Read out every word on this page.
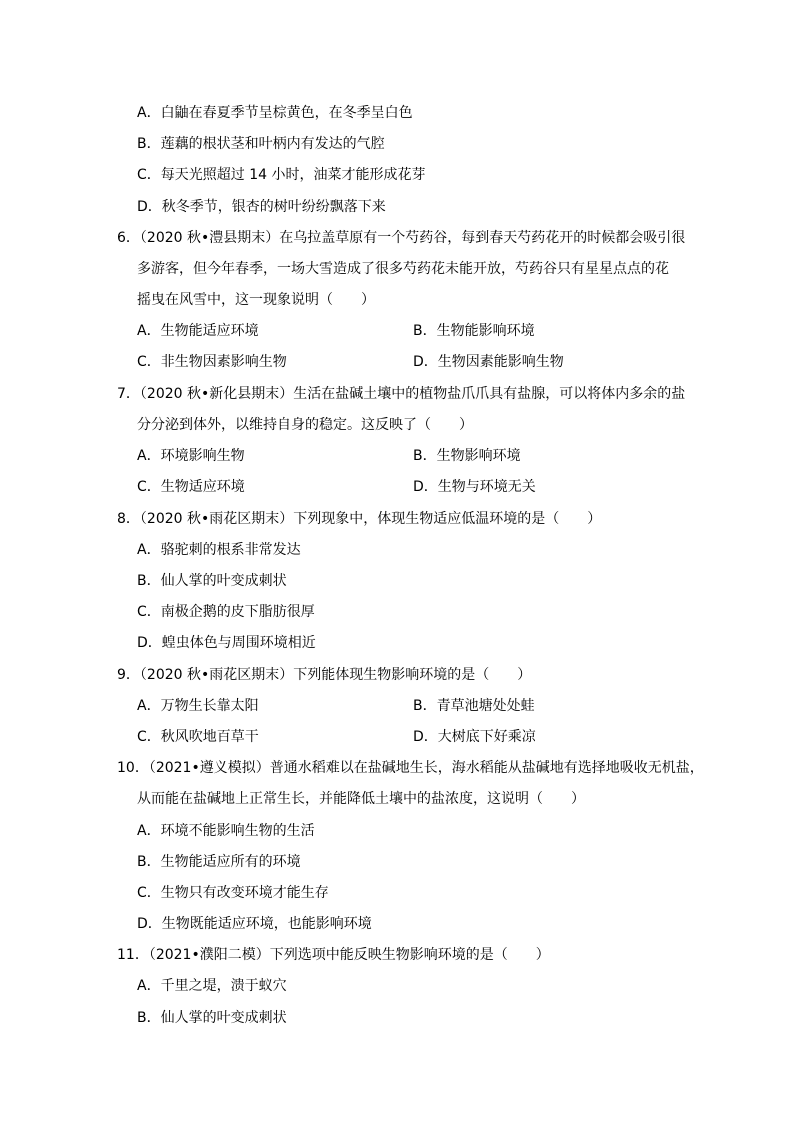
A．白鼬在春夏季节呈棕黄色，在冬季呈白色
B．莲藕的根状茎和叶柄内有发达的气腔
C．每天光照超过 14 小时，油菜才能形成花芽
D．秋冬季节，银杏的树叶纷纷飘落下来
6．（2020 秋•澧县期末）在乌拉盖草原有一个芍药谷，每到春天芍药花开的时候都会吸引很
多游客，但今年春季，一场大雪造成了很多芍药花未能开放，芍药谷只有星星点点的花
摇曳在风雪中，这一现象说明（　　）
A．生物能适应环境	B．生物能影响环境
C．非生物因素影响生物	D．生物因素能影响生物
7．（2020 秋•新化县期末）生活在盐碱土壤中的植物盐爪爪具有盐腺，可以将体内多余的盐
分分泌到体外，以维持自身的稳定。这反映了（　　）
A．环境影响生物	B．生物影响环境
C．生物适应环境	D．生物与环境无关
8．（2020 秋•雨花区期末）下列现象中，体现生物适应低温环境的是（　　）
A．骆驼刺的根系非常发达
B．仙人掌的叶变成刺状
C．南极企鹅的皮下脂肪很厚
D．蝗虫体色与周围环境相近
9．（2020 秋•雨花区期末）下列能体现生物影响环境的是（　　）
A．万物生长靠太阳	B．青草池塘处处蛙
C．秋风吹地百草干	D．大树底下好乘凉
10．（2021•遵义模拟）普通水稻难以在盐碱地生长，海水稻能从盐碱地有选择地吸收无机盐，
从而能在盐碱地上正常生长，并能降低土壤中的盐浓度，这说明（　　）
A．环境不能影响生物的生活
B．生物能适应所有的环境
C．生物只有改变环境才能生存
D．生物既能适应环境，也能影响环境
11．（2021•濮阳二模）下列选项中能反映生物影响环境的是（　　）
A．千里之堤，溃于蚁穴
B．仙人掌的叶变成刺状
